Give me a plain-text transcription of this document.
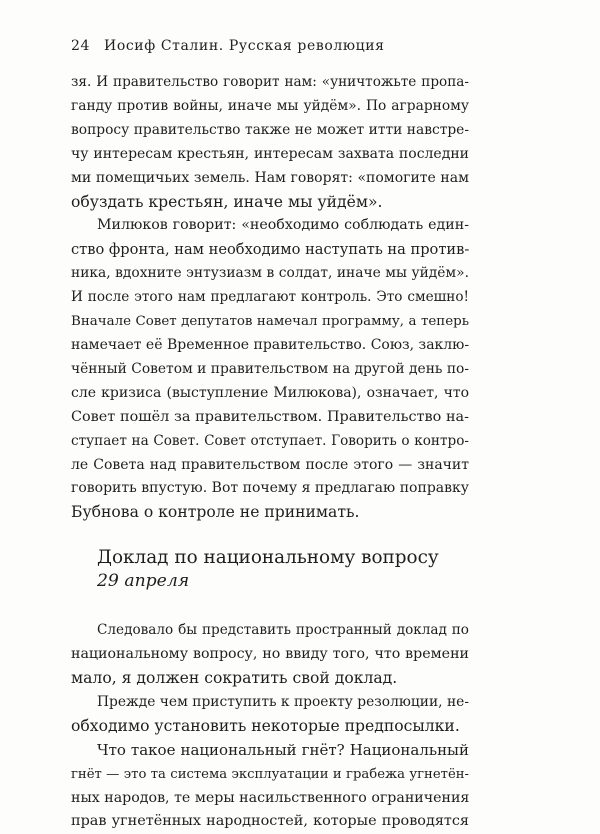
24 Иосиф Сталин. Русская революция

зя. И правительство говорит нам: «уничтожьте пропа-

ганду против войны, иначе мы уйдём». По аграрному

вопросу правительство также не может итти навстре-

чу интересам крестьян, интересам захвата последни

ми помещичьих земель. Нам говорят: «помогите нам

обуздать крестьян, иначе мы уйдём».

Милюков говорит: «необходимо соблюдать един-

ство фронта, нам необходимо наступать на против-

ника, вдохните энтузиазм в солдат, иначе мы уйдём».

И после этого нам предлагают контроль. Это смешно!

Вначале Совет депутатов намечал программу, а теперь

намечает её Временное правительство. Союз, заклю-

чённый Советом и правительством на другой день по-

сле кризиса (выступление Милюкова), означает, что

Совет пошёл за правительством. Правительство на-

ступает на Совет. Совет отступает. Говорить о контро-

ле Совета над правительством после этого — значит

говорить впустую. Вот почему я предлагаю поправку

Бубнова о контроле не принимать.

Доклад по национальному вопросу
29 апреля

Следовало бы представить пространный доклад по

национальному вопросу, но ввиду того, что времени

мало, я должен сократить свой доклад.

Прежде чем приступить к проекту резолюции, не-

обходимо установить некоторые предпосылки.

Что такое национальный гнёт? Национальный

гнёт — это та система эксплуатации и грабежа угнетён-

ных народов, те меры насильственного ограничения

прав угнетённых народностей, которые проводятся
